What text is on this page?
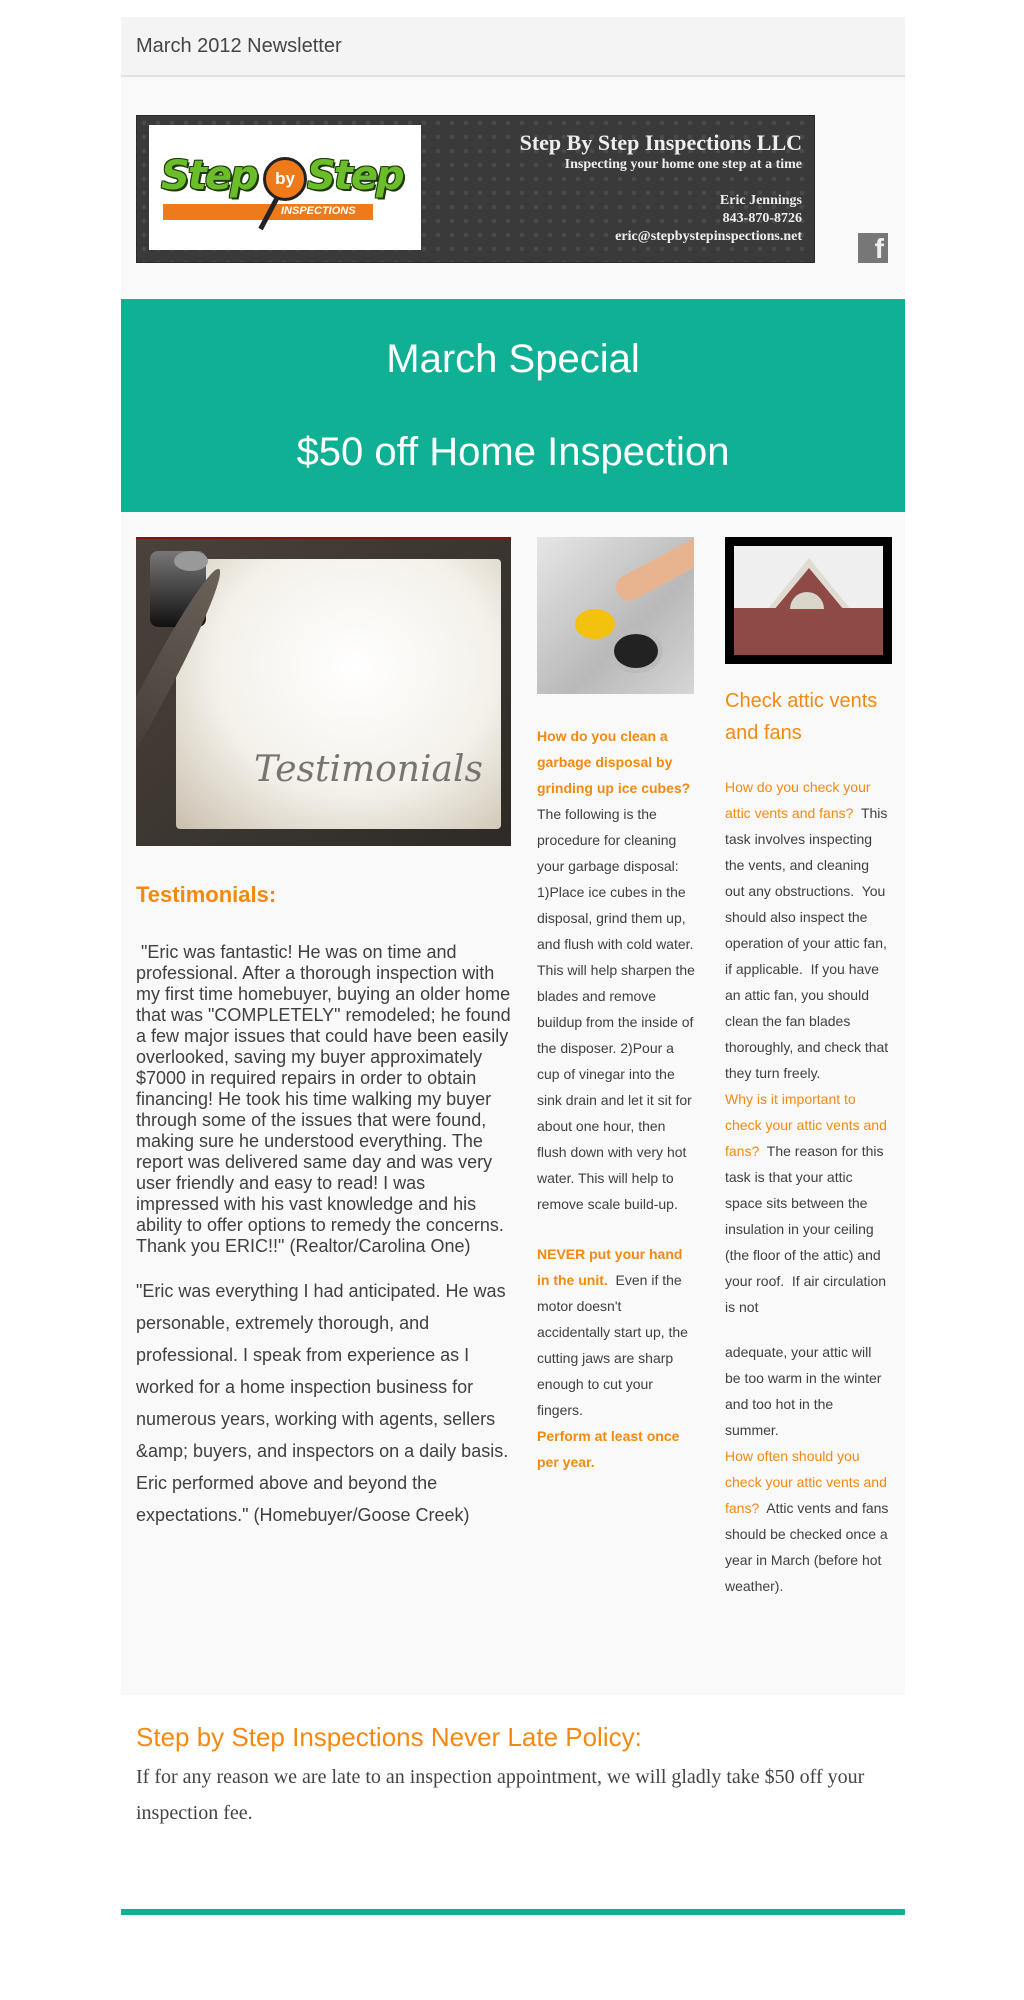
March 2012 Newsletter
Step by Step
INSPECTIONS
Step By Step Inspections LLC
Inspecting your home one step at a time
Eric Jennings
843-870-8726
eric@stepbystepinspections.net	f
March Special
$50 off Home Inspection
Testimonials
Testimonials:
"Eric was fantastic! He was on time and professional. After a thorough inspection with my first time homebuyer, buying an older home that was "COMPLETELY" remodeled; he found a few major issues that could have been easily    overlooked, saving my buyer approximately $7000 in required repairs in order to obtain financing! He took his time walking my buyer through some of the issues that were found, making sure he understood everything. The report was delivered same day and was very user friendly and easy to read! I was impressed with his vast knowledge and his ability to offer options to remedy the concerns.     Thank you ERIC!!" (Realtor/Carolina One)
"Eric was everything I had anticipated. He was personable, extremely thorough, and professional. I speak from experience as I worked for a home inspection business for numerous years, working with agents, sellers &amp; buyers, and inspectors on a daily basis. Eric performed above and beyond the expectations." (Homebuyer/Goose Creek)
How do you clean a garbage disposal by grinding up ice cubes?
The following is the procedure for cleaning your garbage disposal: 1)Place ice cubes in the disposal, grind them up, and flush with cold water. This will help sharpen the blades and remove buildup from the inside of the disposer. 2)Pour a cup of vinegar into the sink drain and let it sit for about one hour, then flush down with very hot water. This will help to remove scale build-up.
NEVER put your hand in the unit.  Even if the motor doesn't accidentally start up, the cutting jaws are sharp enough to cut your fingers.
Perform at least once per year.
Check attic vents and fans
How do you check your attic vents and fans?  This task involves inspecting the vents, and cleaning out any obstructions.  You should also inspect the operation of your attic fan, if applicable.  If you have an attic fan, you should clean the fan blades thoroughly, and check that they turn freely.
Why is it important to check your attic vents and fans?  The reason for this task is that your attic space sits between the insulation in your ceiling (the floor of the attic) and your roof.  If air circulation is not
adequate, your attic will be too warm in the winter and too hot in the summer.
How often should you check your attic vents and fans?  Attic vents and fans should be checked once a year in March (before hot weather).
Step by Step Inspections Never Late Policy:
If for any reason we are late to an inspection appointment, we will gladly take $50 off your inspection fee.
